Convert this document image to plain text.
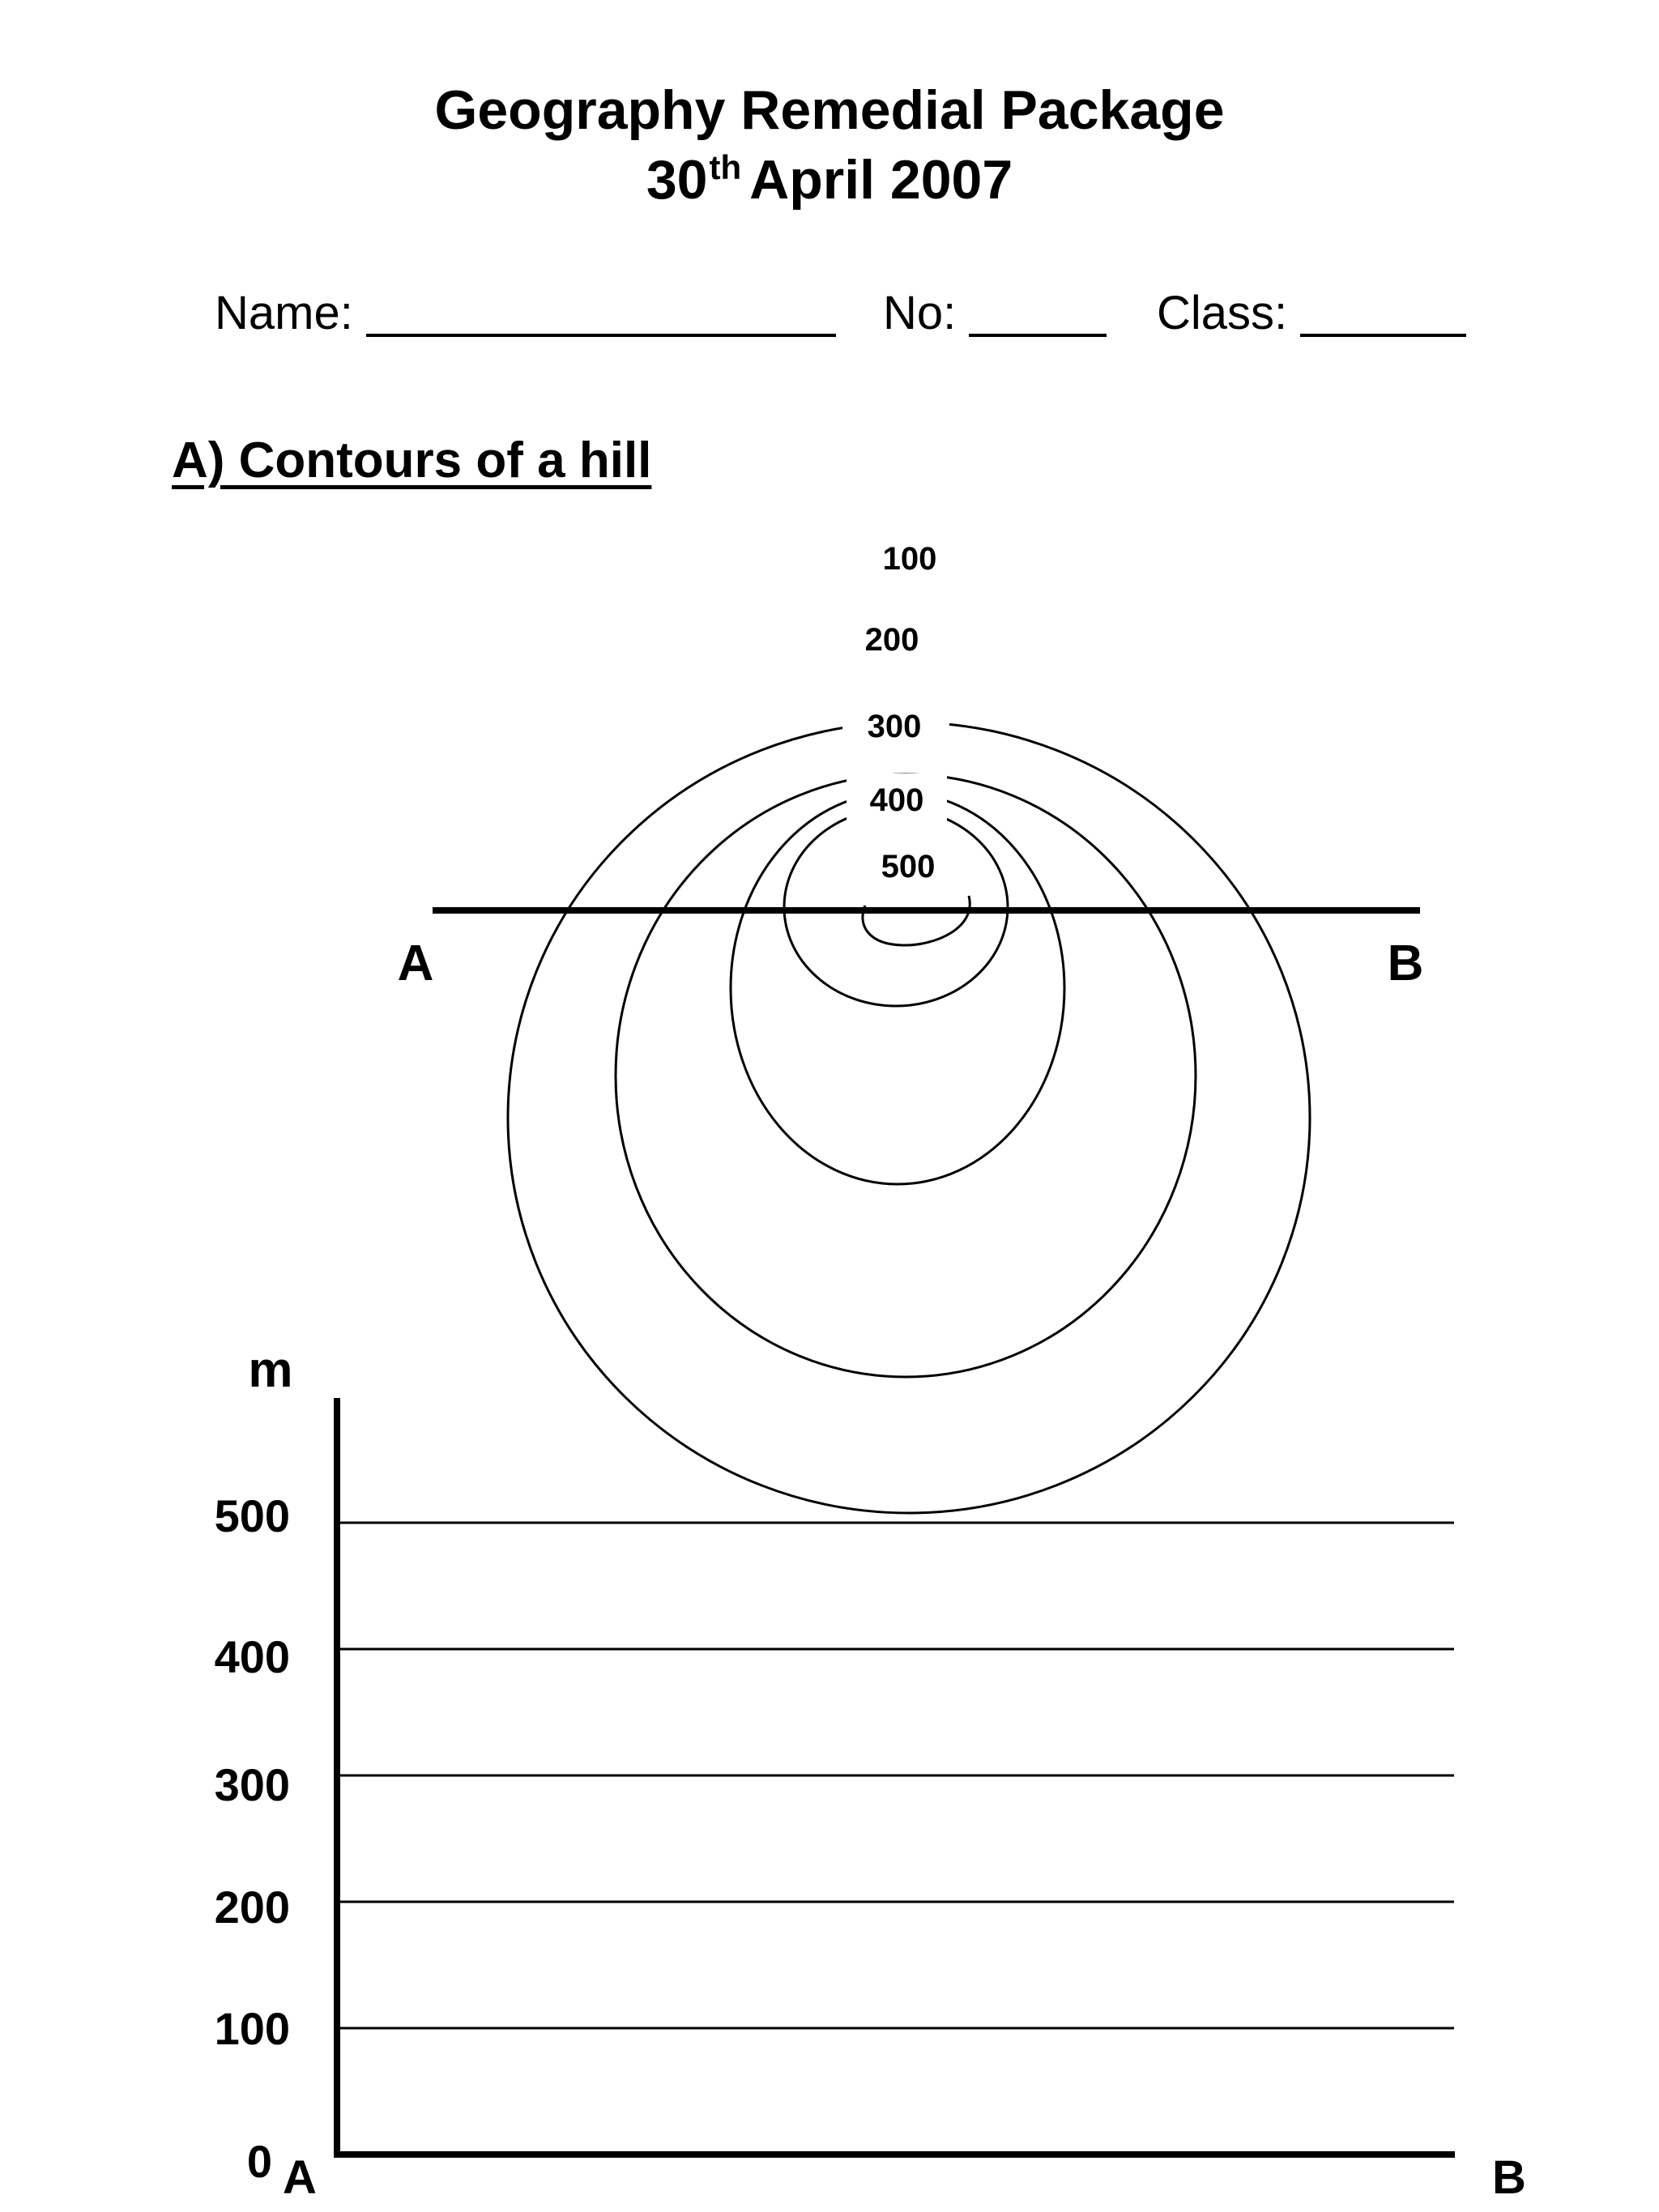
Geography Remedial Package
30th April 2007
Name:	No:	Class:
A) Contours of a hill
100
200
300
400
500
A	B
m
500
400
300
200
100
0 A	B
